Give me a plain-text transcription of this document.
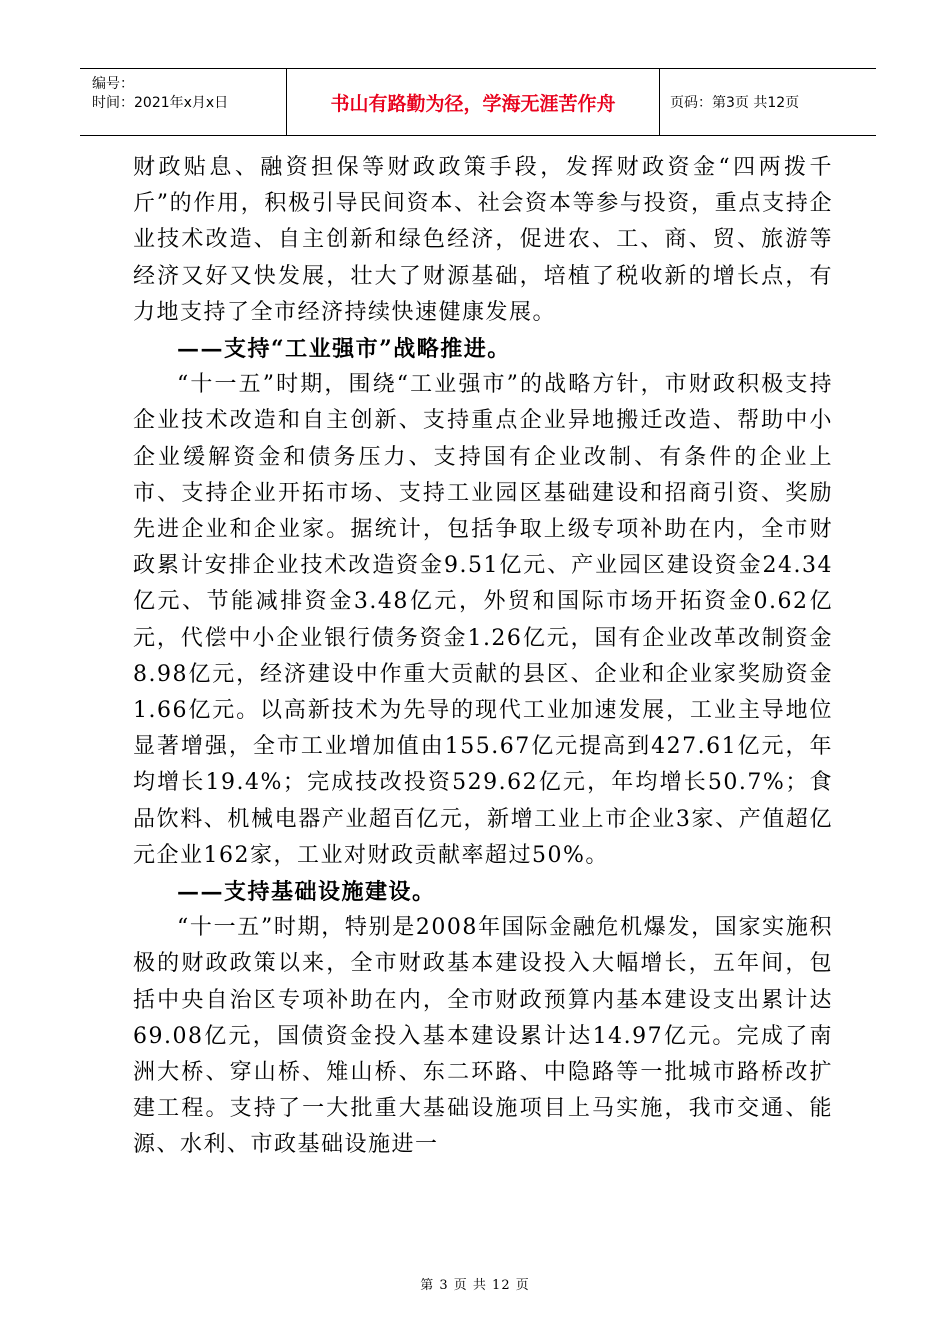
编号：
时间：2021年x月x日	书山有路勤为径，学海无涯苦作舟	页码：第3页 共12页

财政贴息、融资担保等财政政策手段，发挥财政资金“四两拨千斤”的作用，积极引导民间资本、社会资本等参与投资，重点支持企业技术改造、自主创新和绿色经济，促进农、工、商、贸、旅游等经济又好又快发展，壮大了财源基础，培植了税收新的增长点，有力地支持了全市经济持续快速健康发展。

——支持“工业强市”战略推进。

“十一五”时期，围绕“工业强市”的战略方针，市财政积极支持企业技术改造和自主创新、支持重点企业异地搬迁改造、帮助中小企业缓解资金和债务压力、支持国有企业改制、有条件的企业上市、支持企业开拓市场、支持工业园区基础建设和招商引资、奖励先进企业和企业家。据统计，包括争取上级专项补助在内，全市财政累计安排企业技术改造资金9.51亿元、产业园区建设资金24.34亿元、节能减排资金3.48亿元，外贸和国际市场开拓资金0.62亿元，代偿中小企业银行债务资金1.26亿元，国有企业改革改制资金8.98亿元，经济建设中作重大贡献的县区、企业和企业家奖励资金1.66亿元。以高新技术为先导的现代工业加速发展，工业主导地位显著增强，全市工业增加值由155.67亿元提高到427.61亿元，年均增长19.4%；完成技改投资529.62亿元，年均增长50.7%；食品饮料、机械电器产业超百亿元，新增工业上市企业3家、产值超亿元企业162家，工业对财政贡献率超过50%。

——支持基础设施建设。

“十一五”时期，特别是2008年国际金融危机爆发，国家实施积极的财政政策以来，全市财政基本建设投入大幅增长，五年间，包括中央自治区专项补助在内，全市财政预算内基本建设支出累计达69.08亿元，国债资金投入基本建设累计达14.97亿元。完成了南洲大桥、穿山桥、雉山桥、东二环路、中隐路等一批城市路桥改扩建工程。支持了一大批重大基础设施项目上马实施，我市交通、能源、水利、市政基础设施进一

第 3 页 共 12 页
